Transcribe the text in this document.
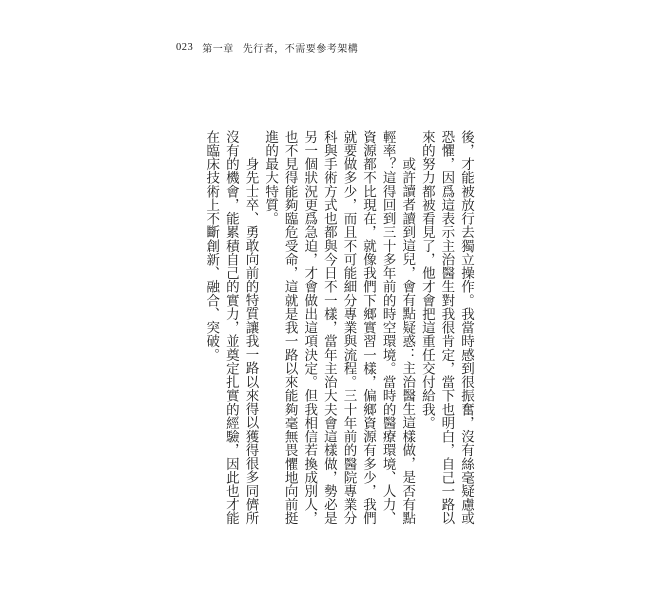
023 第一章 先行者，不需要參考架構

後，才能被放行去獨立操作。我當時感到很振奮，沒有絲毫疑慮或恐懼，因爲這表示主治醫生對我很肯定，當下也明白，自己一路以來的努力都被看見了，他才會把這重任交付給我。

或許讀者讀到這兒，會有點疑惑：主治醫生這樣做，是否有點輕率？這得回到三十多年前的時空環境。當時的醫療環境、人力、資源都不比現在，就像我們下鄉實習一樣，偏鄉資源有多少，我們就要做多少，而且不可能細分專業與流程。三十年前的醫院專業分科與手術方式也都與今日不一樣，當年主治大夫會這樣做，勢必是另一個狀況更爲急迫，才會做出這項決定。但我相信若換成別人，也不見得能夠臨危受命，這就是我一路以來能夠毫無畏懼地向前挺進的最大特質。

身先士卒、勇敢向前的特質讓我一路以來得以獲得很多同儕所沒有的機會，能累積自己的實力，並奠定扎實的經驗，因此也才能在臨床技術上不斷創新、融合、突破。
